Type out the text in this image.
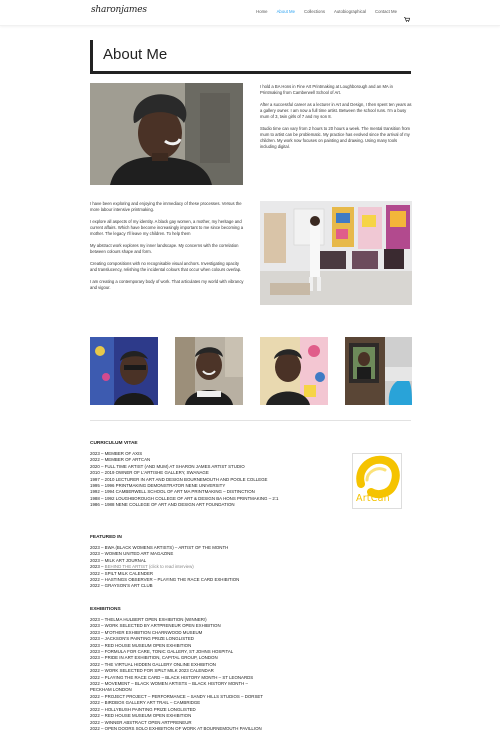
sharonjames	Home About Me Collections Autobiographical Contact Me
About Me

I hold a BA Hons in Fine Art Printmaking at Loughborough and an MA in Printmaking from Camberwell School of Art.

After a successful career as a lecturer in Art and Design, I then spent ten years as a gallery owner. I am now a full time artist. Between the school runs. I'm a busy mum of 3, twin girls of 7 and my son 8.

Studio time can vary from 2 hours to 20 hours a week. The mental transition from mum to artist can be problematic. My practice has evolved since the arrival of my children. My work now focuses on painting and drawing. Using many tools including digital.

I have been exploring and enjoying the immediacy of these processes. Versus the more labour intensive printmaking.

I explore all aspects of my identity. A black gay women, a mother, my heritage and current affairs. Which have become increasingly important to me since becoming a mother. The legacy I'll leave my children. To help them

My abstract work explores my inner landscape. My concerns with the correlation between colours shape and form.

Creating compositions with no recognisable visual anchors. Investigating opacity and translucency, relishing the incidental colours that occur when colours overlap.

I am creating a contemporary body of work. That articulates my world with vibrancy and vigour.

CURRICULUM VITAE
2023 – MEMBER OF AXIS
2022 – MEMBER OF ARTCAN
2020 – FULL TIME ARTIST (AND MUM) AT SHARON JAMES ARTIST STUDIO
2010 – 2019 OWNER OF L'ARTISHE GALLERY, SWANAGE
1997 – 2010 LECTURER IN ART AND DESIGN BOURNEMOUTH AND POOLE COLLEGE
1995 – 1996 PRINTMAKING DEMONSTRATOR NENE UNIVERSITY
1992 – 1994 CAMBERWELL SCHOOL OF ART MA PRINTMAKING – DISTINCTION
1988 – 1992 LOUGHBOROUGH COLLEGE OF ART & DESIGN BA HONS PRINTMAKING – 2:1
1986 – 1988 NENE COLLEGE OF ART AND DESIGN ART FOUNDATION
FEATURED IN
2023 – BWA (BLACK WOMENS ARTISTS) – ARTIST OF THE MONTH
2023 – WOMEN UNITED ART MAGAZINE
2023 – MILK ART JOURNAL
2023 – BEHIND THE ARTIST (click to read interview)
2022 – SPILT MILK CALENDER
2022 – HASTINGS OBSERVER – PLAYING THE RACE CARD EXHIBITION
2022 – GRAYSON'S ART CLUB
EXHIBITIONS
2023 – THELMA HULBERT OPEN EXHIBITION (WINNER!)
2023 – WORK SELECTED BY ARTPRENEUR OPEN EXHIBITION
2023 – M'OTHER EXHIBITION CHARNWOOD MUSEUM
2023 – JACKSON'S PAINTING PRIZE LONGLISTED
2023 – RED HOUSE MUSEUM OPEN EXHIBITION
2023 – FORMULA FOR CARE, TONIC GALLERY, ST JOHNS HOSPITAL
2023 – PRIDE IN ART EXHIBITION, CAPITAL GROUP, LONDON
2022 – THE VIRTUAL HIDDEN GALLERY ONLINE EXHIBITION
2022 – WORK SELECTED FOR SPILT MILK 2023 CALENDAR
2022 – PLAYING THE RACE CARD – BLACK HISTORY MONTH – ST LEONARDS
2022 – MOVEMENT – BLACK WOMEN ARTISTS – BLACK HISTORY MONTH –
PECKHAM LONDON
2022 – PROJECT PROJECT – PERFORMANCE – SANDY HILLS STUDIOS – DORSET
2022 – BIRDBOX GALLERY ART TRAIL – CAMBRIDGE
2022 – HOLLYBUSH PAINTING PRIZE LONGLISTED
2022 – RED HOUSE MUSEUM OPEN EXHIBITION
2022 – WINNER ABSTRACT OPEN ARTPRENEUR
2022 – OPEN DOORS SOLO EXHIBITION OF WORK AT BOURNEMOUTH PAVILLION
ArtCan
